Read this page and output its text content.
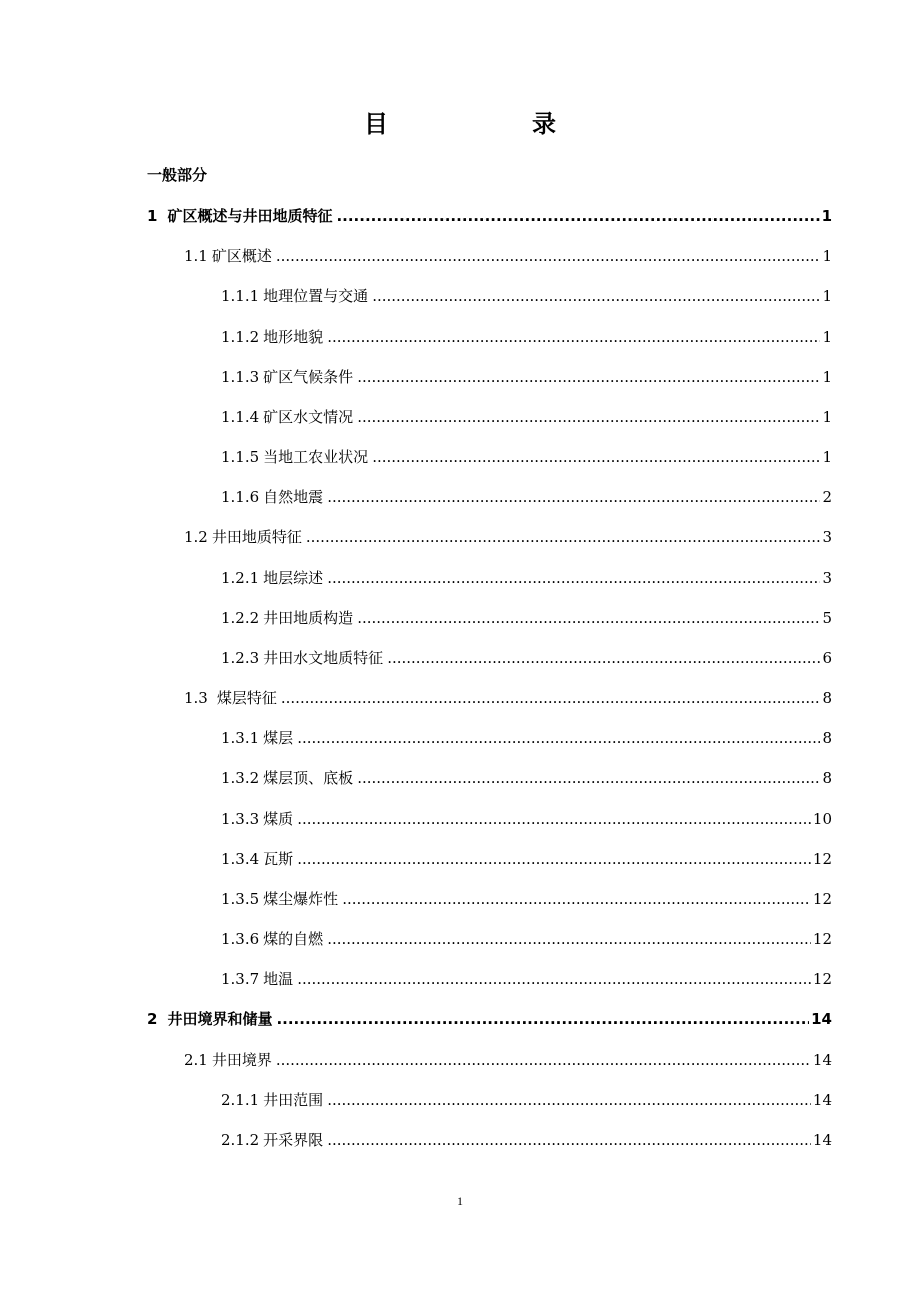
目　　录
一般部分
1 矿区概述与井田地质特征 .....	1
1.1 矿区概述 .....	1
1.1.1 地理位置与交通 .....	1
1.1.2 地形地貌 .....	1
1.1.3 矿区气候条件 .....	1
1.1.4 矿区水文情况 .....	1
1.1.5 当地工农业状况 .....	1
1.1.6 自然地震 .....	2
1.2 井田地质特征 .....	3
1.2.1 地层综述 .....	3
1.2.2 井田地质构造 .....	5
1.2.3 井田水文地质特征 .....	6
1.3 煤层特征 .....	8
1.3.1 煤层 .....	8
1.3.2 煤层顶、底板 .....	8
1.3.3 煤质 .....	10
1.3.4 瓦斯 .....	12
1.3.5 煤尘爆炸性 .....	12
1.3.6 煤的自燃 .....	12
1.3.7 地温 .....	12
2 井田境界和储量 .....	14
2.1 井田境界 .....	14
2.1.1 井田范围 .....	14
2.1.2 开采界限 .....	14
1
